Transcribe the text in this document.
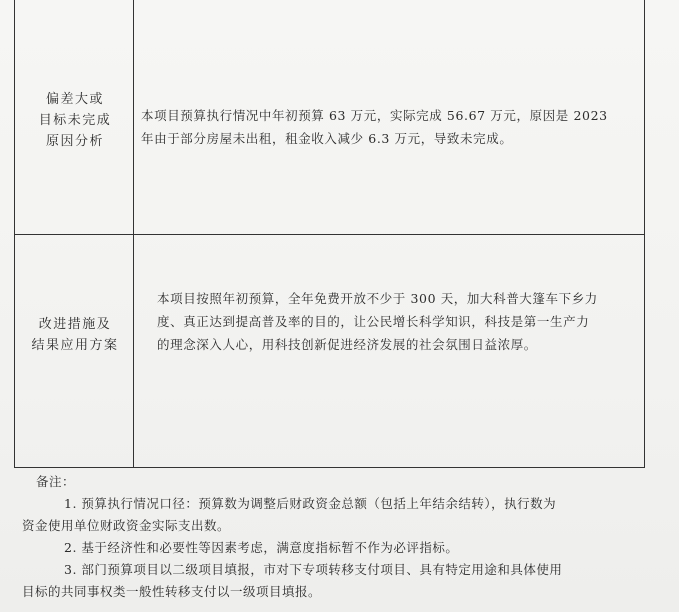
偏差大或
目标未完成
原因分析
本项目预算执行情况中年初预算 63 万元，实际完成 56.67 万元，原因是 2023
年由于部分房屋未出租，租金收入减少 6.3 万元，导致未完成。
改进措施及
结果应用方案
本项目按照年初预算，全年免费开放不少于 300 天，加大科普大篷车下乡力
度、真正达到提高普及率的目的，让公民增长科学知识，科技是第一生产力
的理念深入人心，用科技创新促进经济发展的社会氛围日益浓厚。
备注：
1. 预算执行情况口径：预算数为调整后财政资金总额（包括上年结余结转），执行数为
资金使用单位财政资金实际支出数。
2. 基于经济性和必要性等因素考虑，满意度指标暂不作为必评指标。
3. 部门预算项目以二级项目填报，市对下专项转移支付项目、具有特定用途和具体使用
目标的共同事权类一般性转移支付以一级项目填报。
